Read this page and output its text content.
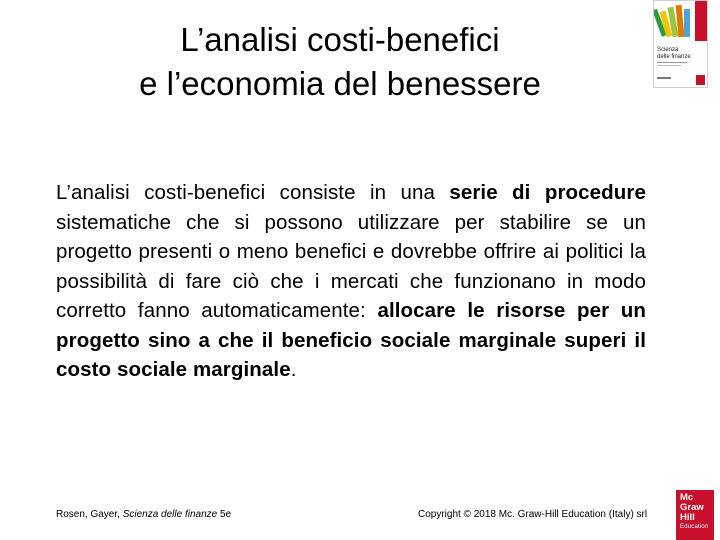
L’analisi costi-benefici
e l’economia del benessere
Scienza
delle finanze
L’analisi costi-benefici consiste in una serie di procedure sistematiche che si possono utilizzare per stabilire se un progetto presenti o meno benefici e dovrebbe offrire ai politici la possibilità di fare ciò che i mercati che funzionano in modo corretto fanno automaticamente: allocare le risorse per un progetto sino a che il beneficio sociale marginale superi il costo sociale marginale.
Rosen, Gayer, Scienza delle finanze 5e	Copyright © 2018 Mc. Graw-Hill Education (Italy) srl
Mc
Graw
Hill
Education
